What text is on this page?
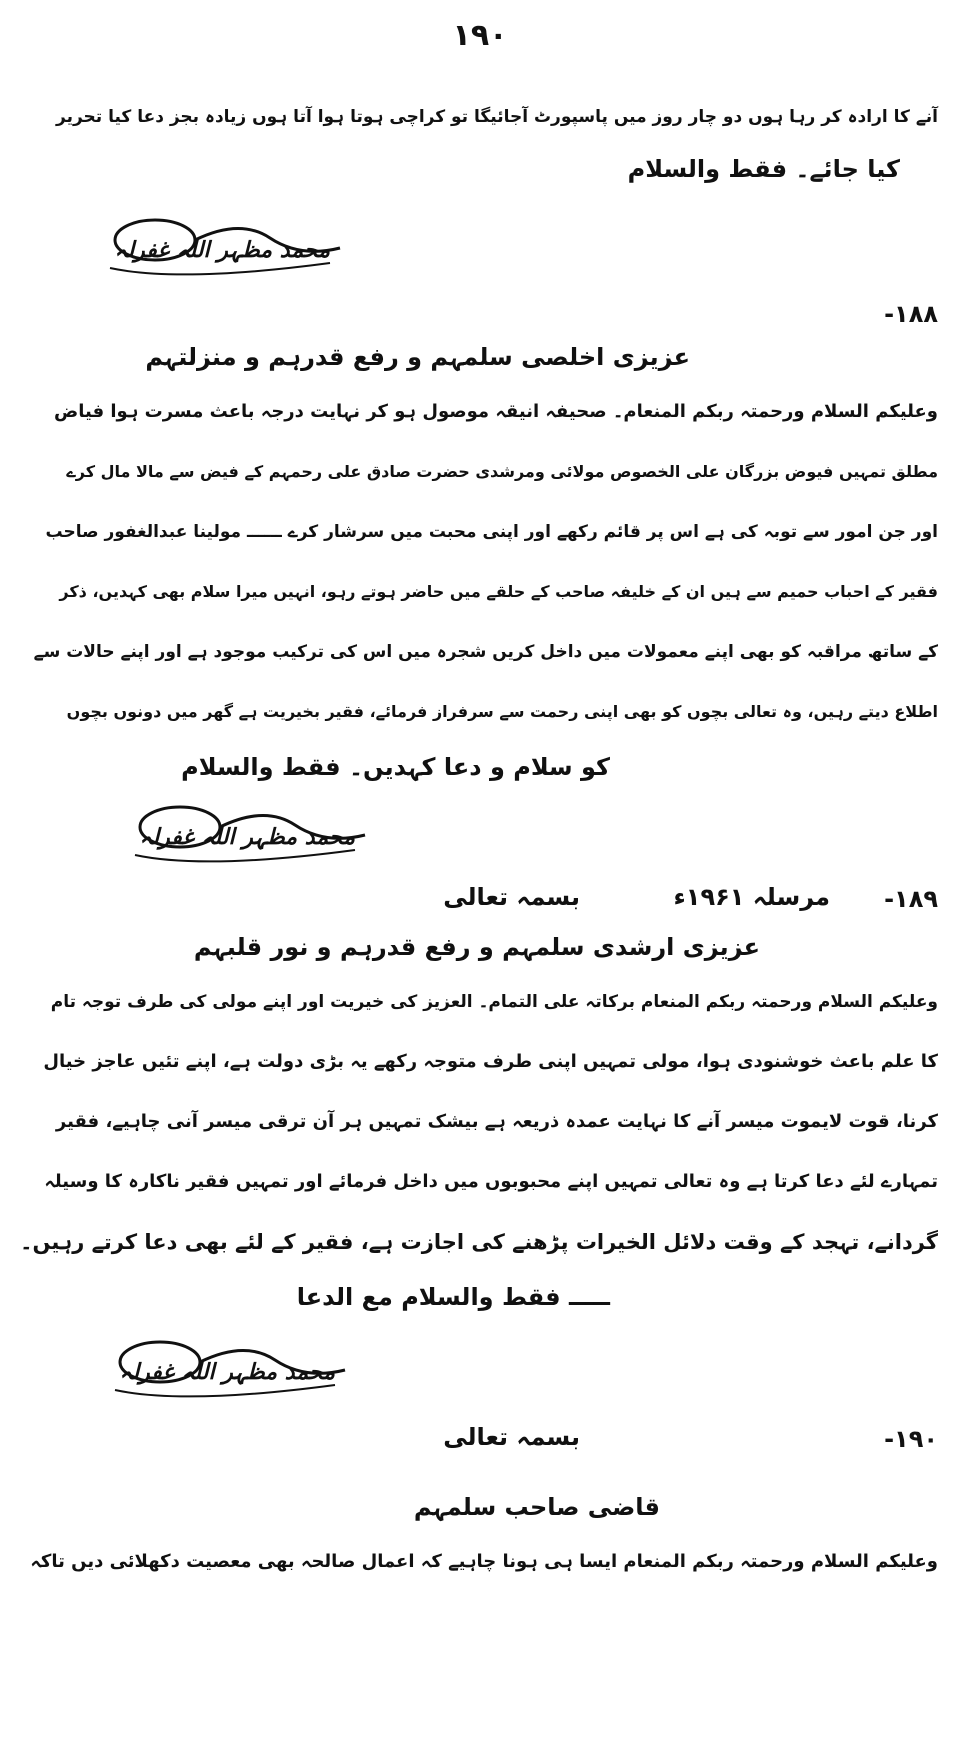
۱۹۰
آنے کا ارادہ کر رہا ہوں دو چار روز میں پاسپورٹ آجائیگا تو کراچی ہوتا ہوا آتا ہوں زیادہ بجز دعا کیا تحریر
کیا جائے۔ فقط والسلام
محمد مظہر اللہ غفرلہ
۱۸۸-
عزیزی اخلصی سلمہم و رفع قدرہم و منزلتہم
وعلیکم السلام ورحمتہ ربکم المنعام۔ صحیفہ انیقہ موصول ہو کر نہایت درجہ باعث مسرت ہوا فیاض
مطلق تمہیں فیوض بزرگان علی الخصوص مولائی ومرشدی حضرت صادق علی رحمہم کے فیض سے مالا مال کرے
اور جن امور سے توبہ کی ہے اس پر قائم رکھے اور اپنی محبت میں سرشار کرے ــــــ مولینا عبدالغفور صاحب
فقیر کے احباب حمیم سے ہیں ان کے خلیفہ صاحب کے حلقے میں حاضر ہوتے رہو، انہیں میرا سلام بھی کہدیں، ذکر
کے ساتھ مراقبہ کو بھی اپنے معمولات میں داخل کریں شجرہ میں اس کی ترکیب موجود ہے اور اپنے حالات سے
اطلاع دیتے رہیں، وہ تعالی بچوں کو بھی اپنی رحمت سے سرفراز فرمائے، فقیر بخیریت ہے گھر میں دونوں بچوں
کو سلام و دعا کہدیں۔ فقط والسلام
محمد مظہر اللہ غفرلہ
۱۸۹-
مرسلہ ۱۹۶۱ء
بسمہ تعالی
عزیزی ارشدی سلمہم و رفع قدرہم و نور قلبہم
وعلیکم السلام ورحمتہ ربکم المنعام برکاتہ علی التمام۔ العزیز کی خیریت اور اپنے مولی کی طرف توجہ تام
کا علم باعث خوشنودی ہوا، مولی تمہیں اپنی طرف متوجہ رکھے یہ بڑی دولت ہے، اپنے تئیں عاجز خیال
کرنا، قوت لایموت میسر آنے کا نہایت عمدہ ذریعہ ہے بیشک تمہیں ہر آن ترقی میسر آنی چاہیے، فقیر
تمہارے لئے دعا کرتا ہے وہ تعالی تمہیں اپنے محبوبوں میں داخل فرمائے اور تمہیں فقیر ناکارہ کا وسیلہ
گردانے، تہجد کے وقت دلائل الخیرات پڑھنے کی اجازت ہے، فقیر کے لئے بھی دعا کرتے رہیں۔
ـــــ فقط والسلام مع الدعا
محمد مظہر اللہ غفرلہ
۱۹۰-
بسمہ تعالی
قاضی صاحب سلمہم
وعلیکم السلام ورحمتہ ربکم المنعام ایسا ہی ہونا چاہیے کہ اعمال صالحہ بھی معصیت دکھلائی دیں تاکہ
